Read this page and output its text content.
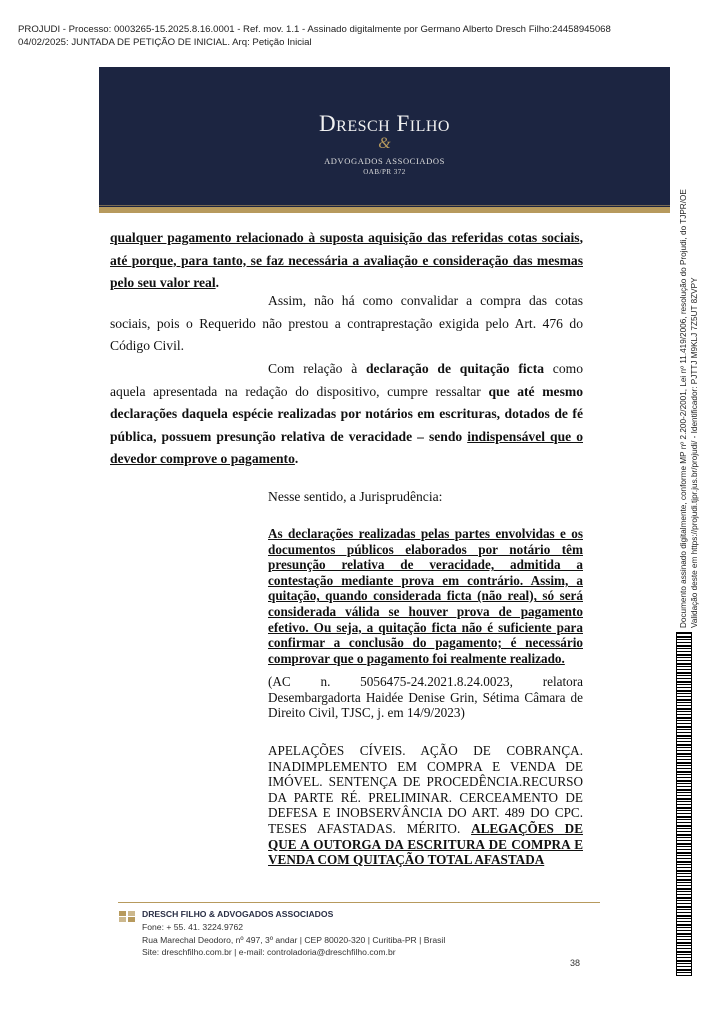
PROJUDI - Processo: 0003265-15.2025.8.16.0001 - Ref. mov. 1.1 - Assinado digitalmente por Germano Alberto Dresch Filho:24458945068
04/02/2025: JUNTADA DE PETIÇÃO DE INICIAL. Arq: Petição Inicial
Dresch Filho
&
ADVOGADOS ASSOCIADOS
OAB/PR 372
Documento assinado digitalmente, conforme MP nº 2.200-2/2001, Lei nº 11.419/2006, resolução do Projudi, do TJPR/OE Validação deste em https://projudi.tjpr.jus.br/projudi/ - Identificador: PJTTJ M9KLJ 7Z5UT 8ZVPY
qualquer pagamento relacionado à suposta aquisição das referidas cotas sociais, até porque, para tanto, se faz necessária a avaliação e consideração das mesmas pelo seu valor real.
Assim, não há como convalidar a compra das cotas sociais, pois o Requerido não prestou a contraprestação exigida pelo Art. 476 do Código Civil.
Com relação à declaração de quitação ficta como aquela apresentada na redação do dispositivo, cumpre ressaltar que até mesmo declarações daquela espécie realizadas por notários em escrituras, dotados de fé pública, possuem presunção relativa de veracidade – sendo indispensável que o devedor comprove o pagamento.
Nesse sentido, a Jurisprudência:
As declarações realizadas pelas partes envolvidas e os documentos públicos elaborados por notário têm presunção relativa de veracidade, admitida a contestação mediante prova em contrário. Assim, a quitação, quando considerada ficta (não real), só será considerada válida se houver prova de pagamento efetivo. Ou seja, a quitação ficta não é suficiente para confirmar a conclusão do pagamento; é necessário comprovar que o pagamento foi realmente realizado.
(AC n. 5056475-24.2021.8.24.0023, relatora Desembargadorta Haidée Denise Grin, Sétima Câmara de Direito Civil, TJSC, j. em 14/9/2023)
APELAÇÕES CÍVEIS. AÇÃO DE COBRANÇA. INADIMPLEMENTO EM COMPRA E VENDA DE IMÓVEL. SENTENÇA DE PROCEDÊNCIA.RECURSO DA PARTE RÉ. PRELIMINAR. CERCEAMENTO DE DEFESA E INOBSERVÂNCIA DO ART. 489 DO CPC. TESES AFASTADAS. MÉRITO. ALEGAÇÕES DE QUE A OUTORGA DA ESCRITURA DE COMPRA E VENDA COM QUITAÇÃO TOTAL AFASTADA
DRESCH FILHO & ADVOGADOS ASSOCIADOS
Fone: + 55. 41. 3224.9762
Rua Marechal Deodoro, nº 497, 3º andar | CEP 80020-320 | Curitiba-PR | Brasil
Site: dreschfilho.com.br | e-mail: controladoria@dreschfilho.com.br
38
